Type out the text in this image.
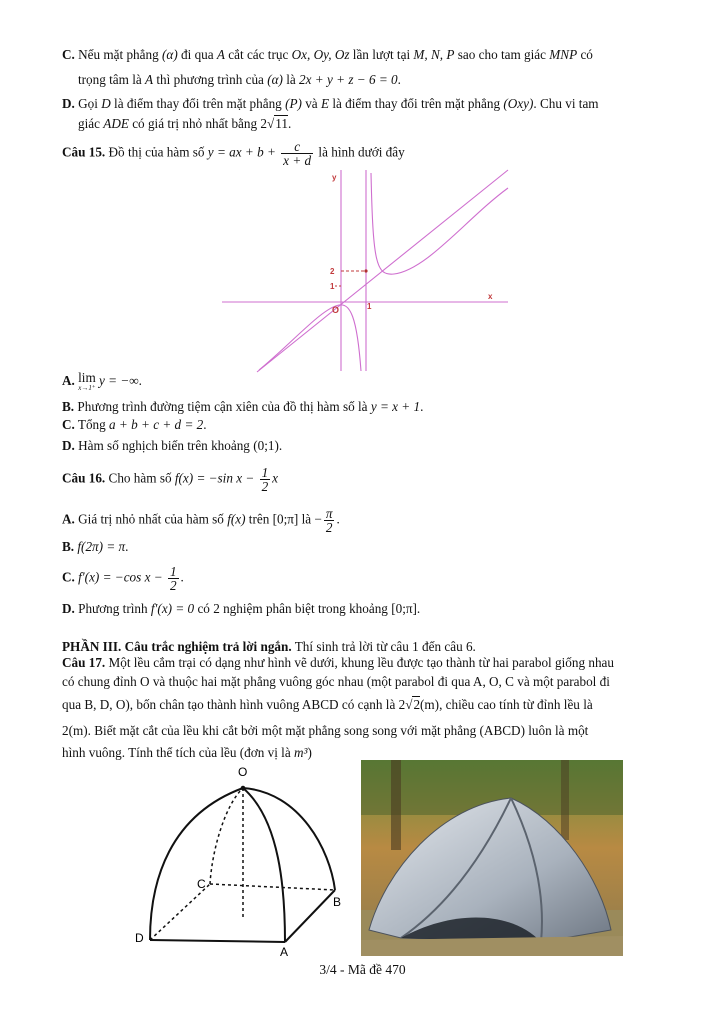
C. Nếu mặt phẳng (α) đi qua A cắt các trục Ox, Oy, Oz lần lượt tại M, N, P sao cho tam giác MNP có
trọng tâm là A thì phương trình của (α) là 2x + y + z − 6 = 0.
D. Gọi D là điểm thay đổi trên mặt phẳng (P) và E là điểm thay đổi trên mặt phẳng (Oxy). Chu vi tam
giác ADE có giá trị nhỏ nhất bằng 2√11.
Câu 15. Đồ thị của hàm số y = ax + $b + \frac{c}{x + d}$ là hình dưới đây
x
y
2
1
O	1
A. lim
x→1⁺ y = −∞.
B. Phương trình đường tiệm cận xiên của đồ thị hàm số là y = x + 1.
C. Tổng a + b + c + d = 2.
D. Hàm số nghịch biến trên khoảng (0;1).
Câu 16. Cho hàm số f(x) = −sin $x - \frac{1}{2}$ x
A. Giá trị nhỏ nhất của hàm số f(x) trên [0;π] là − $\frac{\pi}{2}$ .
B. f(2π) = π.
C. f′(x) = −cos $x - \frac{1}{2}$ .
D. Phương trình f′(x) = 0 có 2 nghiệm phân biệt trong khoảng [0;π].
PHẦN III. Câu trắc nghiệm trả lời ngắn. Thí sinh trả lời từ câu 1 đến câu 6.
Câu 17. Một lều cắm trại có dạng như hình vẽ dưới, khung lều được tạo thành từ hai parabol giống nhau
có chung đỉnh O và thuộc hai mặt phẳng vuông góc nhau (một parabol đi qua A, O, C và một parabol đi
qua B, D, O), bốn chân tạo thành hình vuông ABCD có cạnh là 2√2(m), chiều cao tính từ đỉnh lều là
2(m). Biết mặt cắt của lều khi cắt bởi một mặt phẳng song song với mặt phẳng (ABCD) luôn là một
hình vuông. Tính thể tích của lều (đơn vị là m³)
O
C
B
D
A
3/4 - Mã đề 470
